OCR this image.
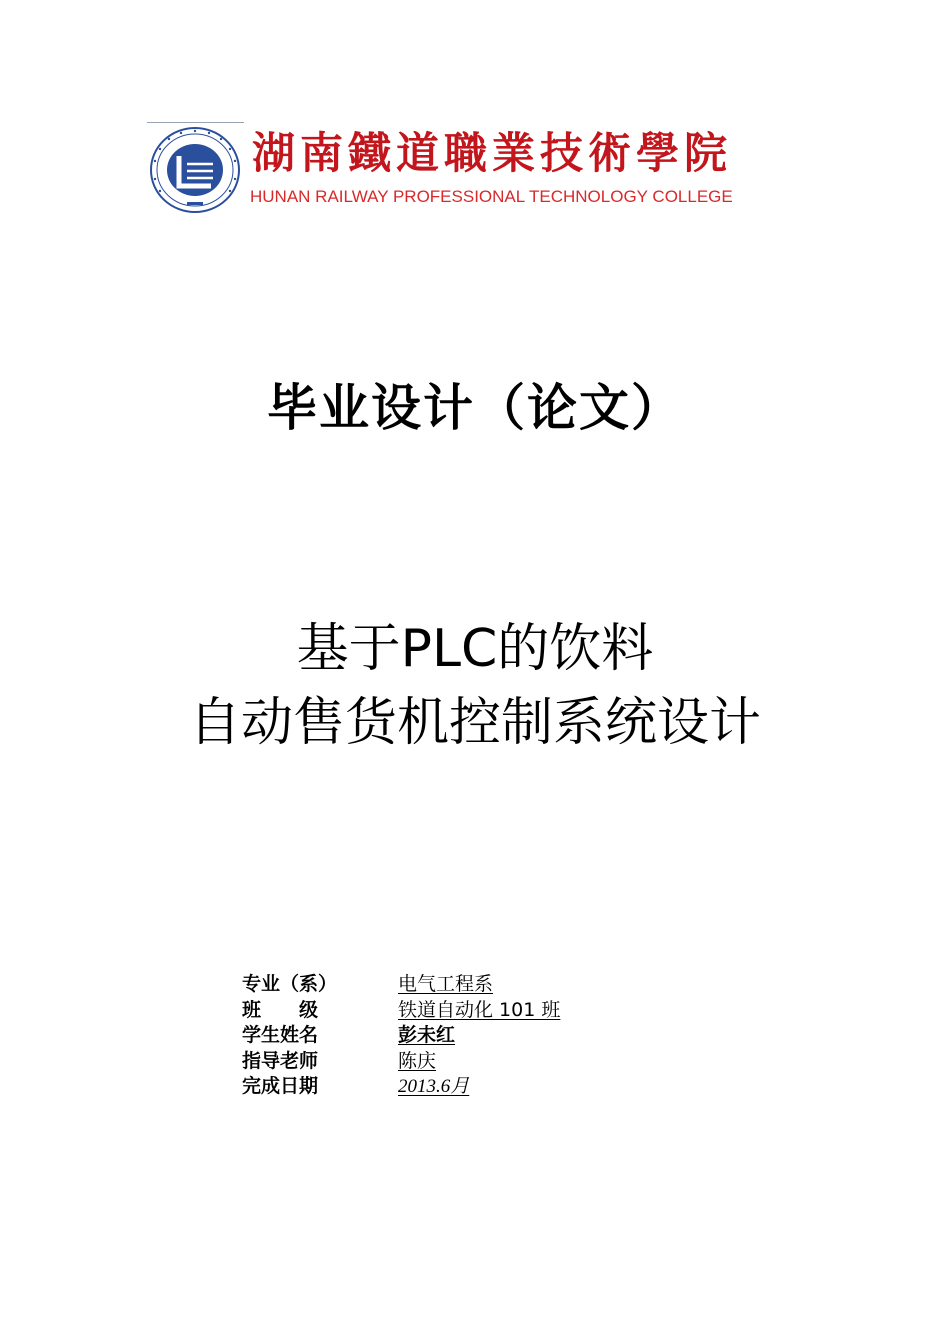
湖南鐵道職業技術學院
HUNAN RAILWAY PROFESSIONAL TECHNOLOGY COLLEGE
毕业设计（论文）
基于PLC的饮料
自动售货机控制系统设计
专业（系）	电气工程系
班　　级	铁道自动化 101 班
学生姓名	彭未红
指导老师	陈庆
完成日期	2013.6月
